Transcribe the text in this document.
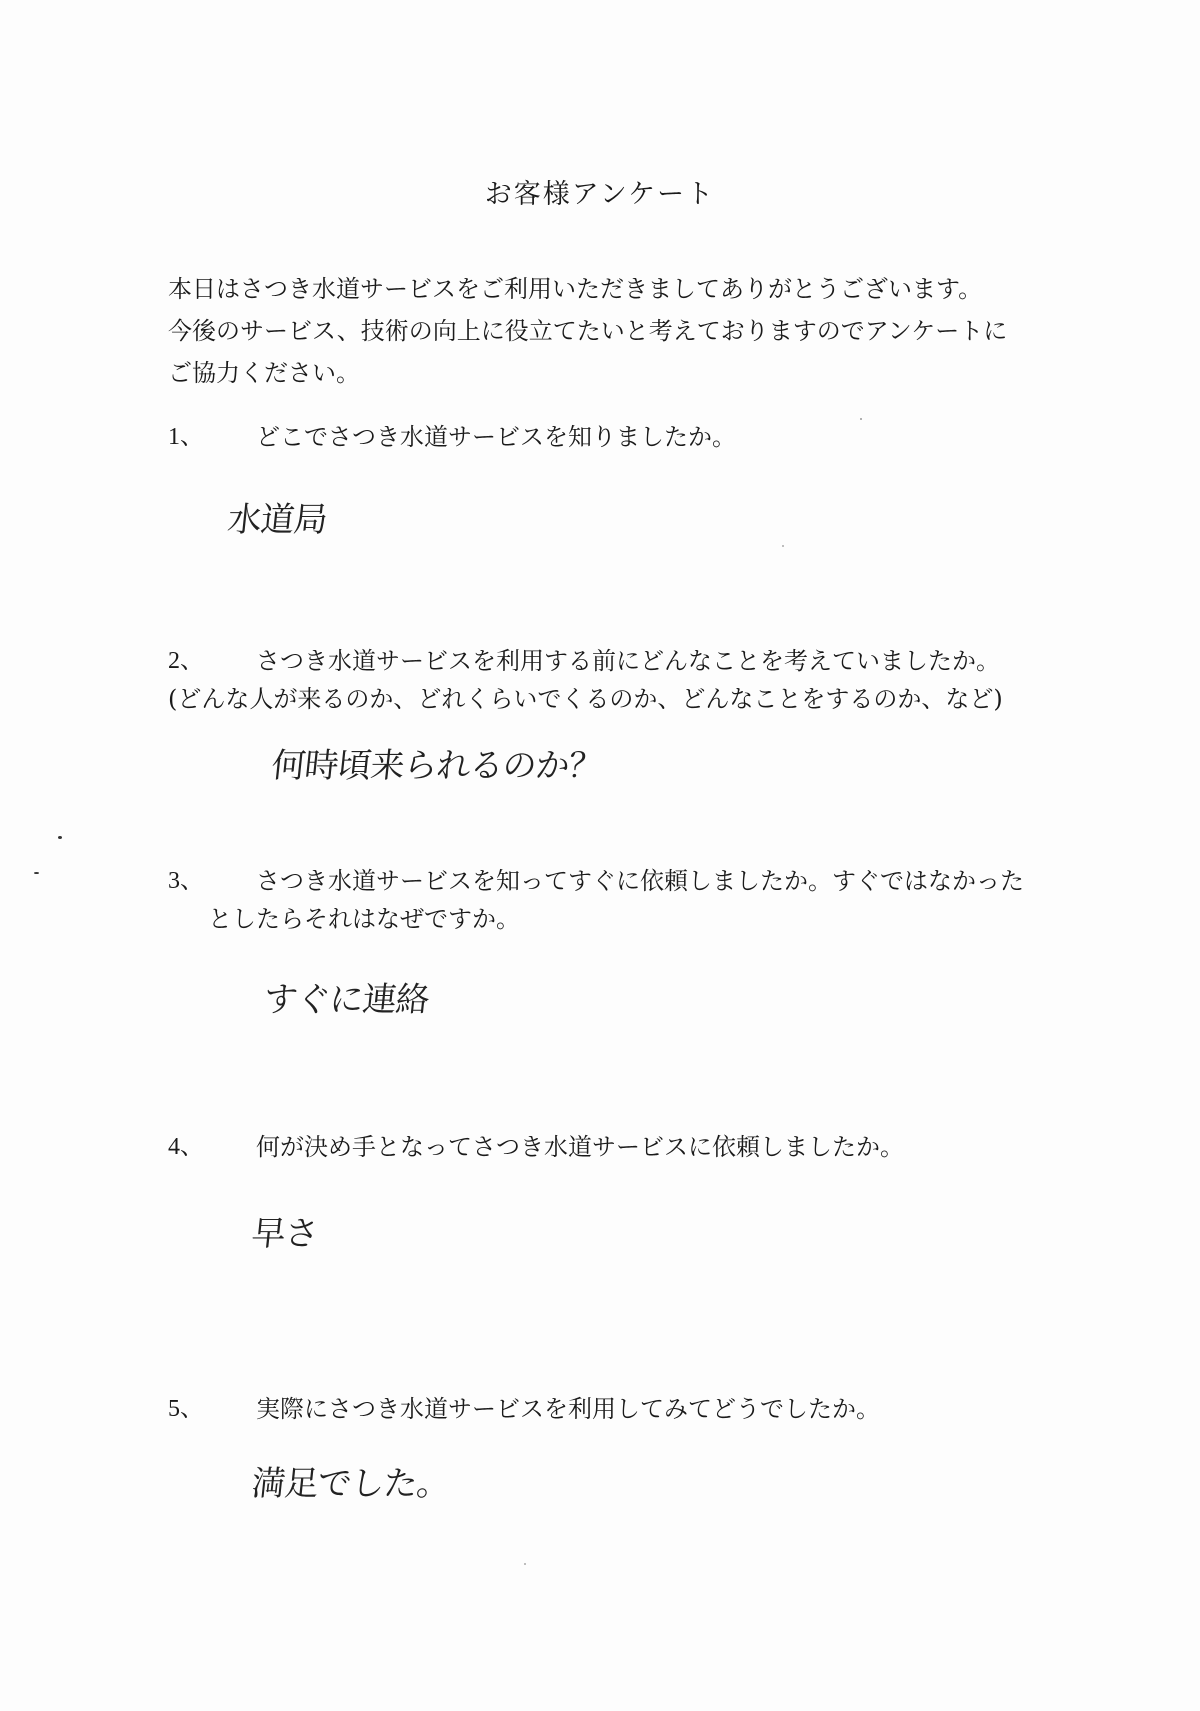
お客様アンケート
本日はさつき水道サービスをご利用いただきましてありがとうございます。
今後のサービス、技術の向上に役立てたいと考えておりますのでアンケートに
ご協力ください。
1、 どこでさつき水道サービスを知りましたか。
水道局
2、 さつき水道サービスを利用する前にどんなことを考えていましたか。
(どんな人が来るのか、どれくらいでくるのか、どんなことをするのか、など)
何時頃来られるのか？
3、 さつき水道サービスを知ってすぐに依頼しましたか。すぐではなかった
としたらそれはなぜですか。
すぐに連絡
4、 何が決め手となってさつき水道サービスに依頼しましたか。
早さ
5、 実際にさつき水道サービスを利用してみてどうでしたか。
満足でした。
